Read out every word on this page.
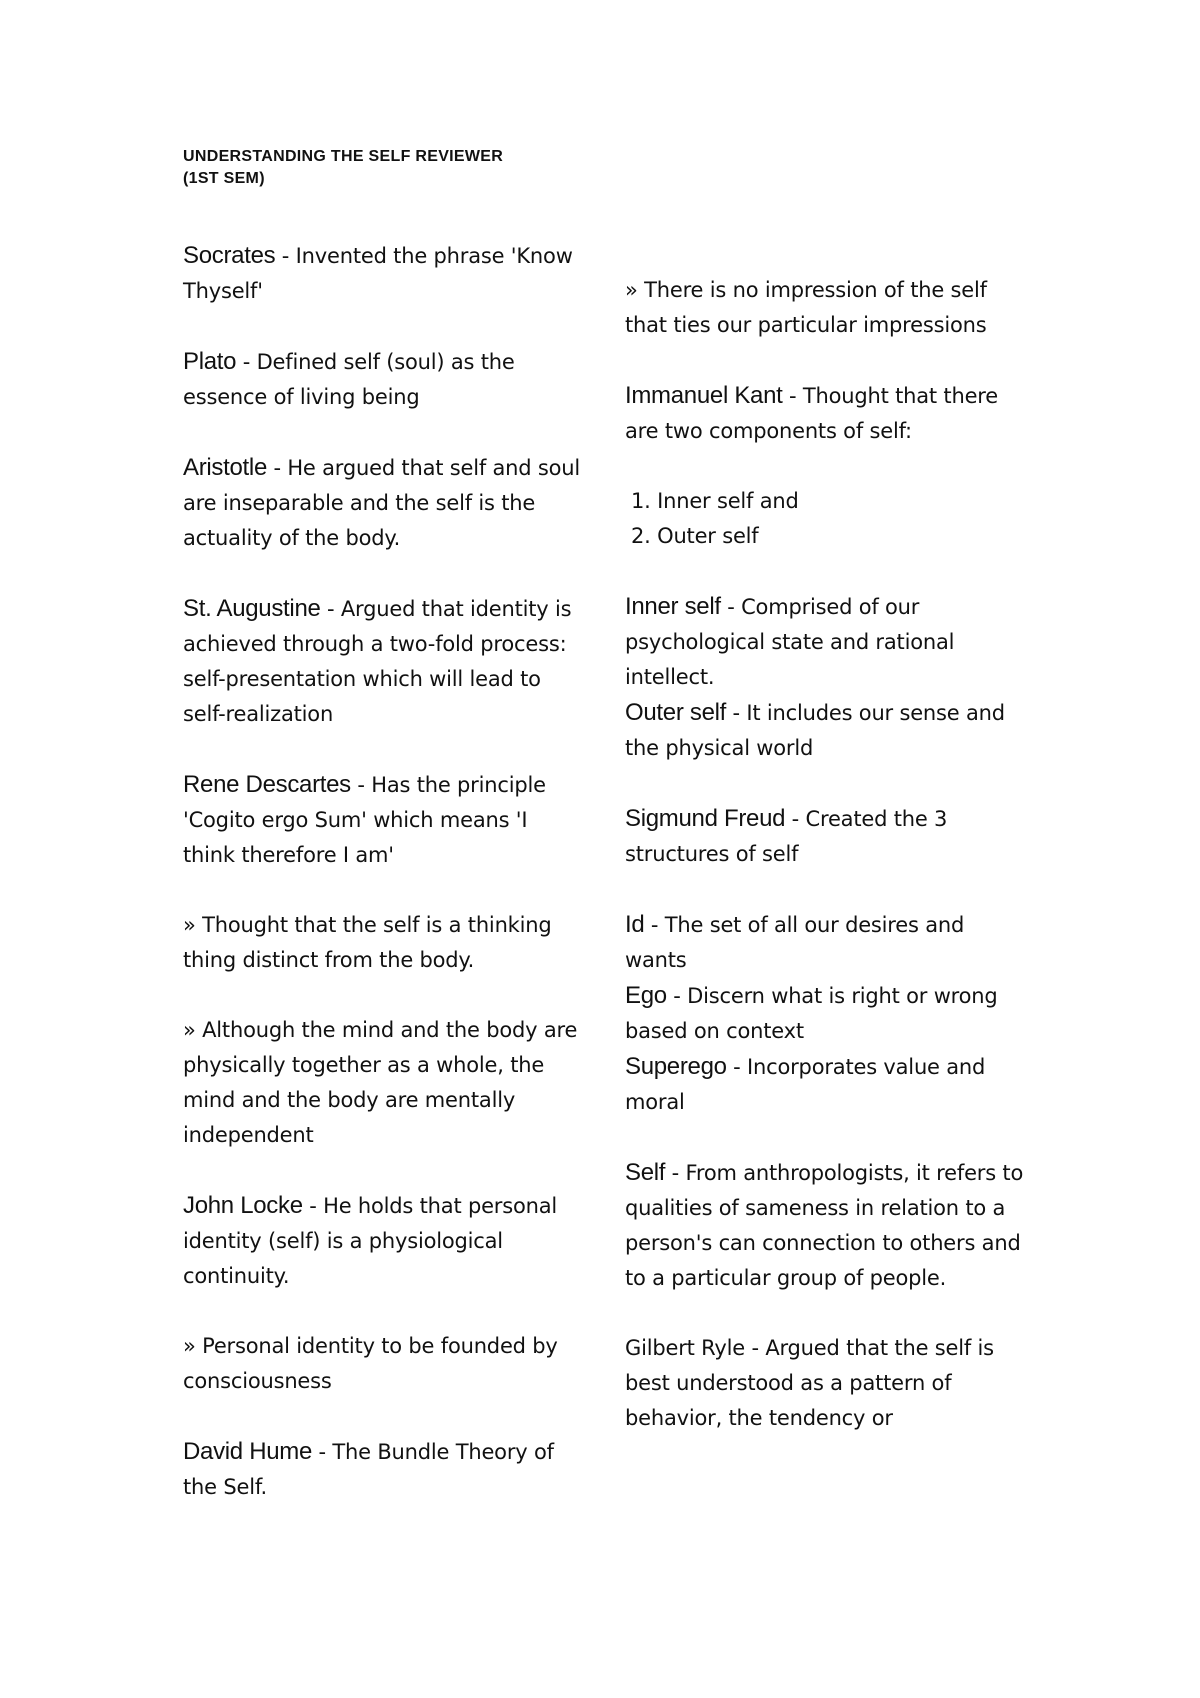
UNDERSTANDING THE SELF REVIEWER
(1ST SEM)

Socrates - Invented the phrase 'Know Thyself'

Plato - Defined self (soul) as the essence of living being

Aristotle - He argued that self and soul are inseparable and the self is the actuality of the body.

St. Augustine - Argued that identity is achieved through a two-fold process: self-presentation which will lead to self-realization

Rene Descartes - Has the principle 'Cogito ergo Sum' which means 'I think therefore I am'

» Thought that the self is a thinking thing distinct from the body.

» Although the mind and the body are physically together as a whole, the mind and the body are mentally independent

John Locke - He holds that personal identity (self) is a physiological continuity.

» Personal identity to be founded by consciousness

David Hume - The Bundle Theory of the Self.

» There is no impression of the self that ties our particular impressions

Immanuel Kant - Thought that there are two components of self:

1. Inner self and
2. Outer self

Inner self - Comprised of our psychological state and rational intellect.

Outer self - It includes our sense and the physical world

Sigmund Freud - Created the 3 structures of self

Id - The set of all our desires and wants

Ego - Discern what is right or wrong based on context

Superego - Incorporates value and moral

Self - From anthropologists, it refers to qualities of sameness in relation to a person's can connection to others and to a particular group of people.

Gilbert Ryle - Argued that the self is best understood as a pattern of behavior, the tendency or
